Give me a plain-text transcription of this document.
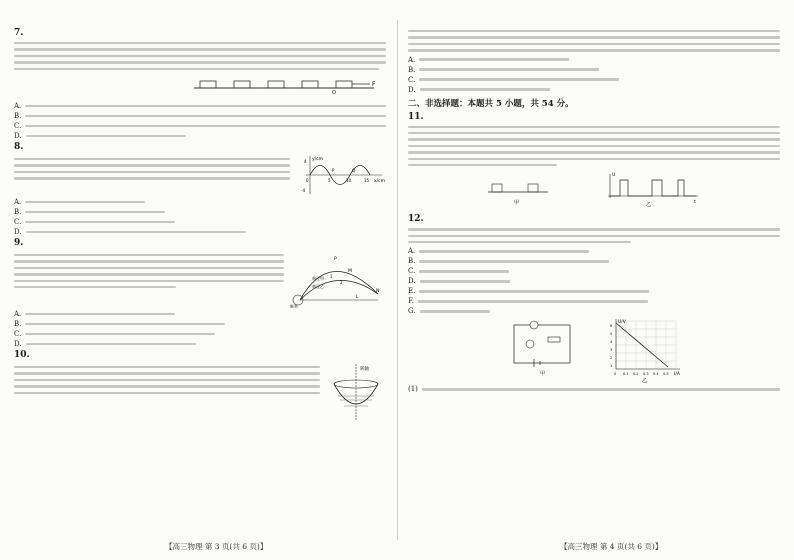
7.
F
O
A.
B.
C.
D.
8.
y/cm
x/cm
0	5	10	15
4
-4
P	Q
A.
B.
C.
D.
9.
P
M
N
黄豆甲
黄豆乙
吸管
1
2
L
A.
B.
C.
D.
10.
转轴
A.
B.
C.
D.
二、非选择题：本题共 5 小题，共 54 分。
11.
甲
U
乙	t
12.
A.
B.
C.
D.
E.
F.
G.
甲
U/V
I/A
0 0.1 0.2 0.3 0.4 0.5
6
5
4
3
2
1
乙
(1)
【高三物理 第 3 页(共 6 页)】	【高三物理 第 4 页(共 6 页)】
